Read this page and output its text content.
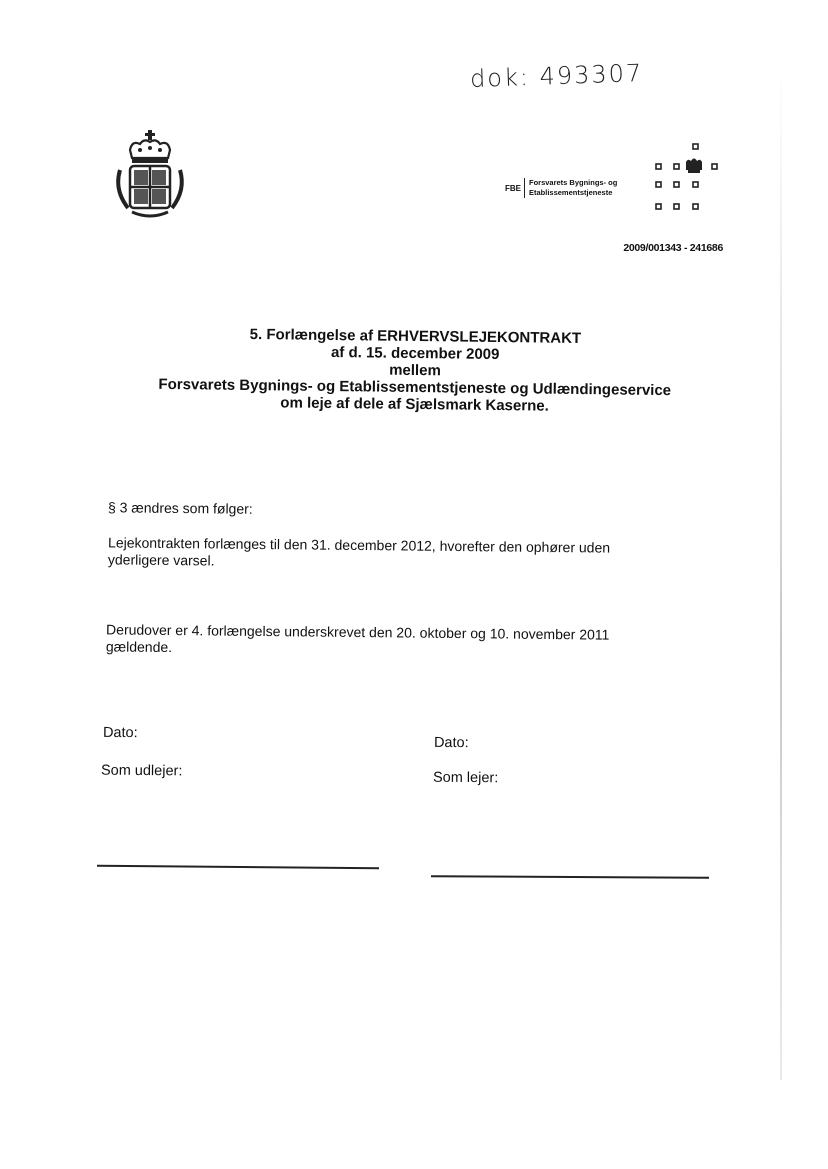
dok: 493307
FBE
Forsvarets Bygnings- og
Etablissementstjeneste
2009/001343 - 241686
5. Forlængelse af ERHVERVSLEJEKONTRAKT
af d. 15. december 2009
mellem
Forsvarets Bygnings- og Etablissementstjeneste og Udlændingeservice
om leje af dele af Sjælsmark Kaserne.
§ 3 ændres som følger:
Lejekontrakten forlænges til den 31. december 2012, hvorefter den ophører uden
yderligere varsel.
Derudover er 4. forlængelse underskrevet den 20. oktober og 10. november 2011
gældende.
Dato:
Som udlejer:
Dato:
Som lejer:
